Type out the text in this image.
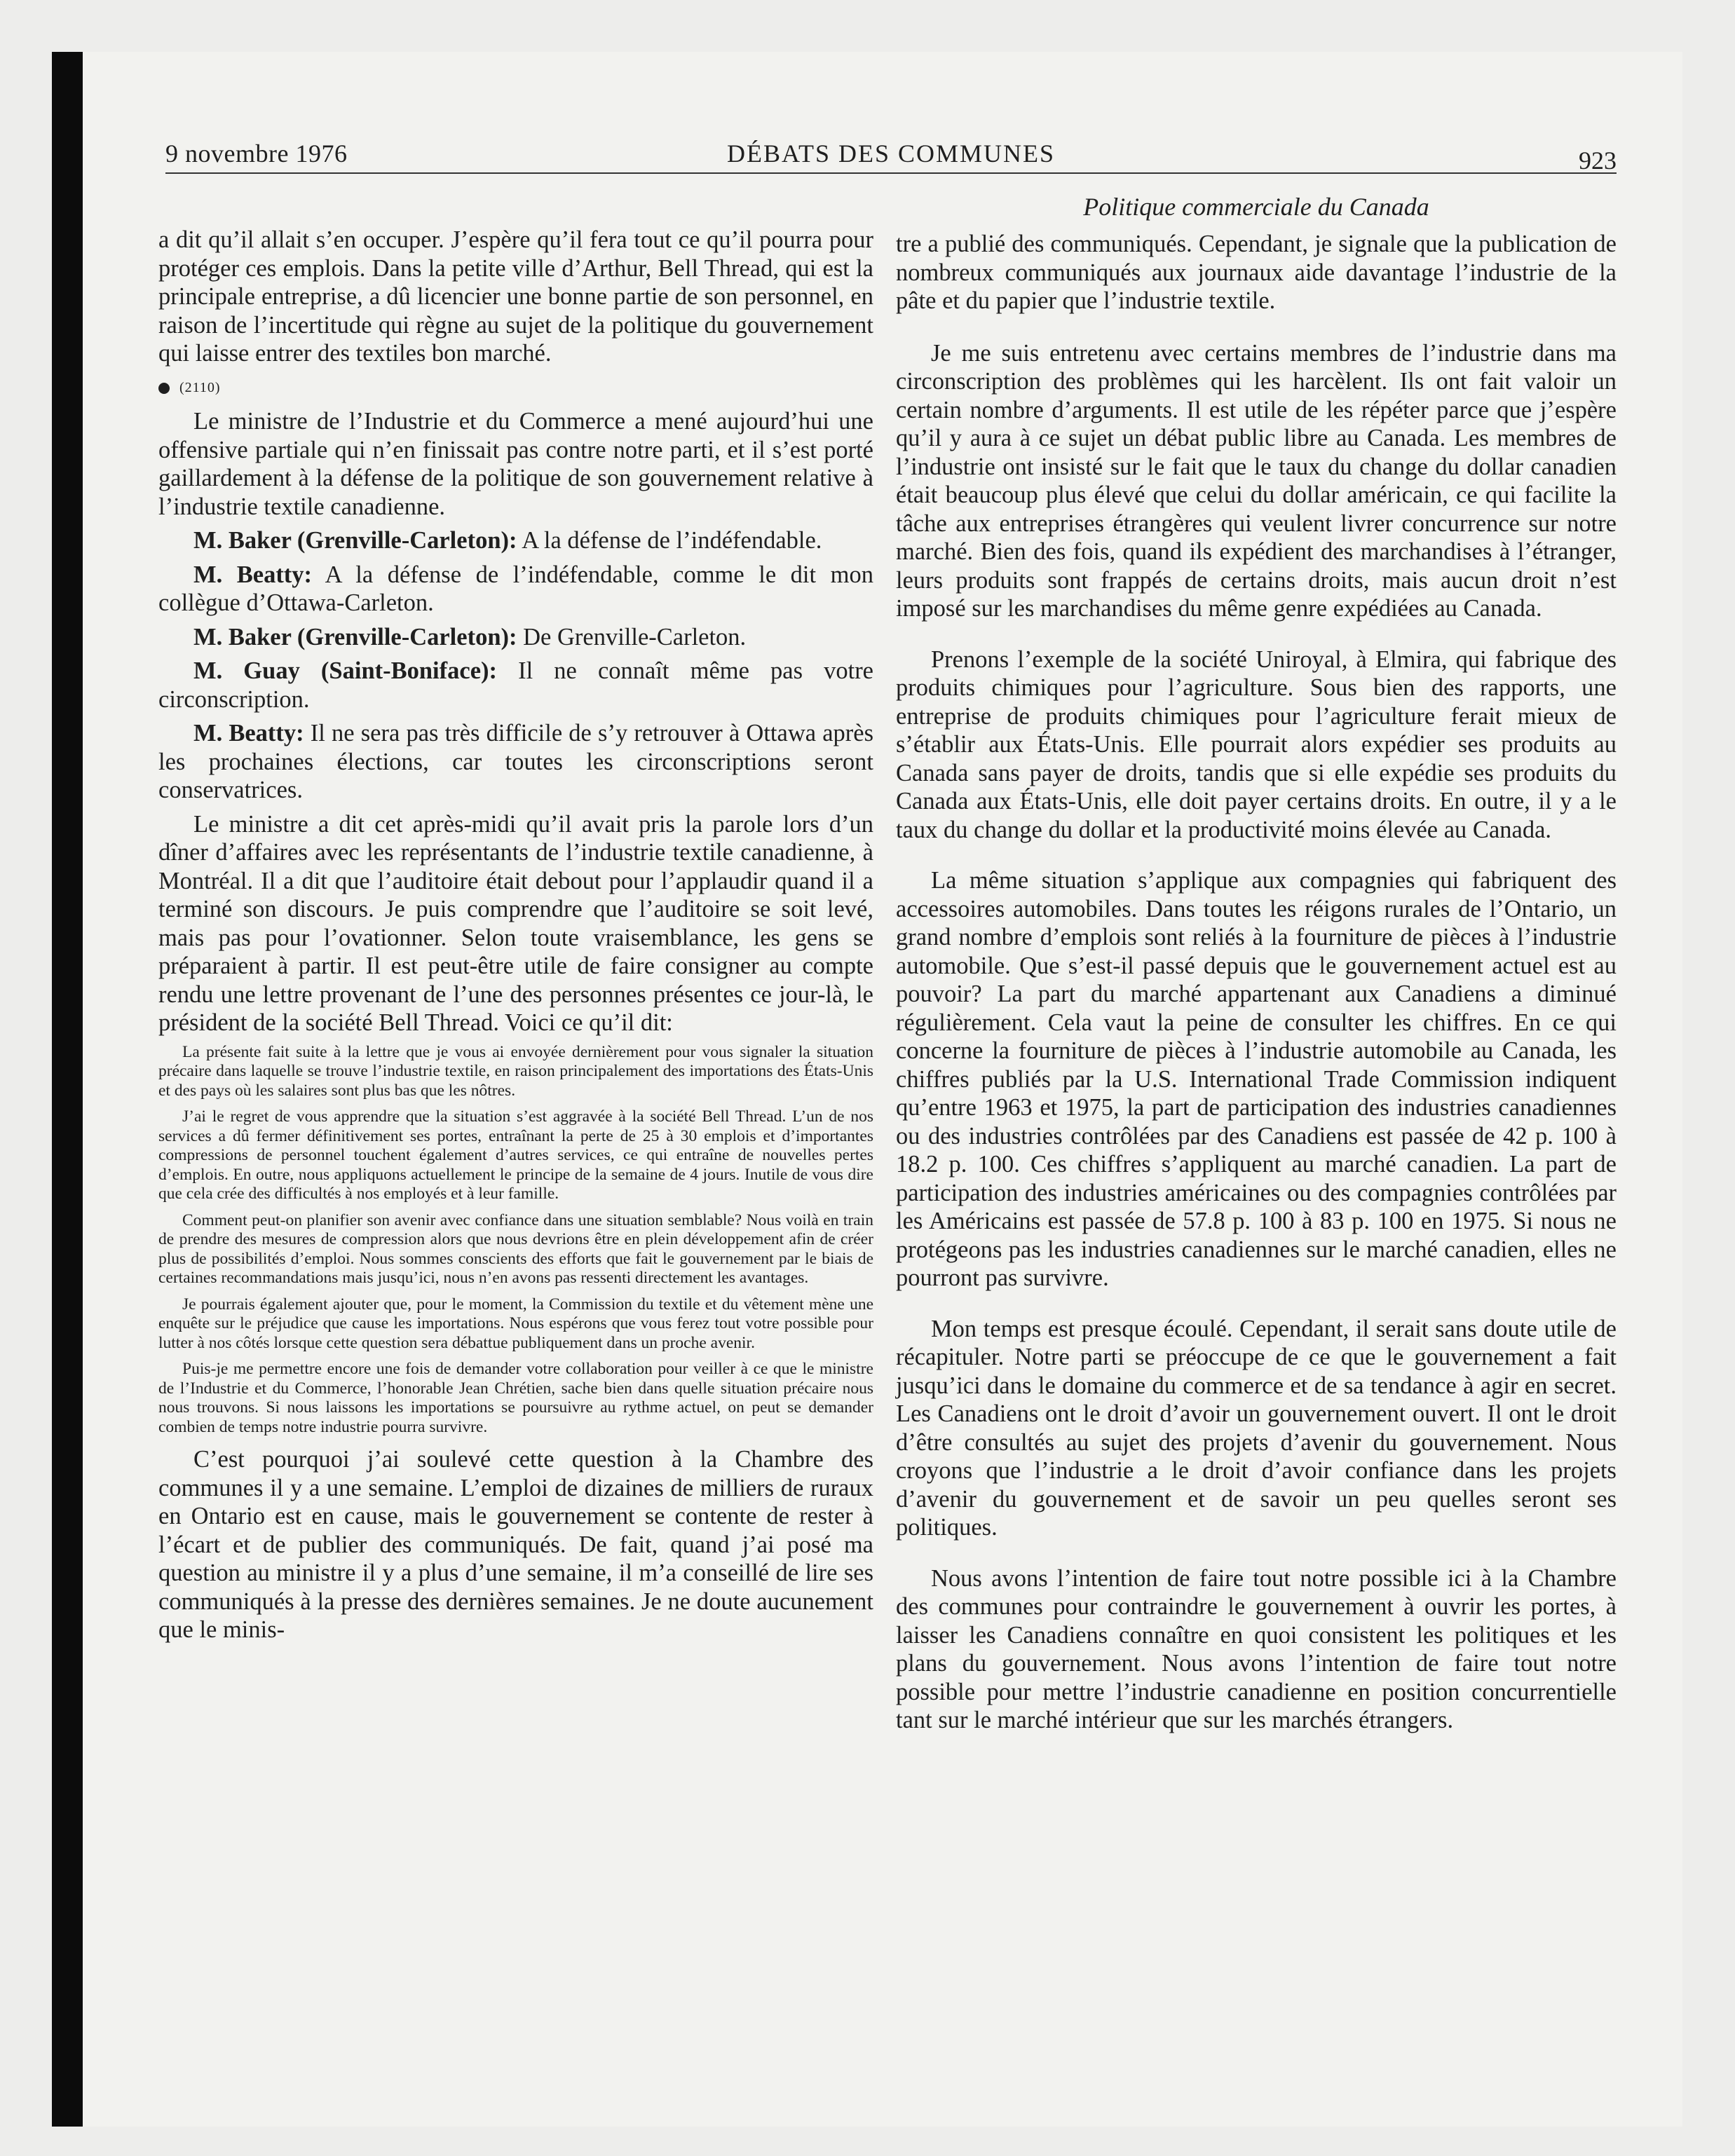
9 novembre 1976	DÉBATS DES COMMUNES	923
Politique commerciale du Canada

a dit qu’il allait s’en occuper. J’espère qu’il fera tout ce qu’il pourra pour protéger ces emplois. Dans la petite ville d’Arthur, Bell Thread, qui est la principale entreprise, a dû licencier une bonne partie de son personnel, en raison de l’incertitude qui règne au sujet de la politique du gouvernement qui laisse entrer des textiles bon marché.

(2110)

Le ministre de l’Industrie et du Commerce a mené aujourd’hui une offensive partiale qui n’en finissait pas contre notre parti, et il s’est porté gaillardement à la défense de la politique de son gouvernement relative à l’industrie textile canadienne.

M. Baker (Grenville-Carleton): A la défense de l’indéfendable.

M. Beatty: A la défense de l’indéfendable, comme le dit mon collègue d’Ottawa-Carleton.

M. Baker (Grenville-Carleton): De Grenville-Carleton.

M. Guay (Saint-Boniface): Il ne connaît même pas votre circonscription.

M. Beatty: Il ne sera pas très difficile de s’y retrouver à Ottawa après les prochaines élections, car toutes les circonscriptions seront conservatrices.

Le ministre a dit cet après-midi qu’il avait pris la parole lors d’un dîner d’affaires avec les représentants de l’industrie textile canadienne, à Montréal. Il a dit que l’auditoire était debout pour l’applaudir quand il a terminé son discours. Je puis comprendre que l’auditoire se soit levé, mais pas pour l’ovationner. Selon toute vraisemblance, les gens se préparaient à partir. Il est peut-être utile de faire consigner au compte rendu une lettre provenant de l’une des personnes présentes ce jour-là, le président de la société Bell Thread. Voici ce qu’il dit:

La présente fait suite à la lettre que je vous ai envoyée dernièrement pour vous signaler la situation précaire dans laquelle se trouve l’industrie textile, en raison principalement des importations des États-Unis et des pays où les salaires sont plus bas que les nôtres.

J’ai le regret de vous apprendre que la situation s’est aggravée à la société Bell Thread. L’un de nos services a dû fermer définitivement ses portes, entraînant la perte de 25 à 30 emplois et d’importantes compressions de personnel touchent également d’autres services, ce qui entraîne de nouvelles pertes d’emplois. En outre, nous appliquons actuellement le principe de la semaine de 4 jours. Inutile de vous dire que cela crée des difficultés à nos employés et à leur famille.

Comment peut-on planifier son avenir avec confiance dans une situation semblable? Nous voilà en train de prendre des mesures de compression alors que nous devrions être en plein développement afin de créer plus de possibilités d’emploi. Nous sommes conscients des efforts que fait le gouvernement par le biais de certaines recommandations mais jusqu’ici, nous n’en avons pas ressenti directement les avantages.

Je pourrais également ajouter que, pour le moment, la Commission du textile et du vêtement mène une enquête sur le préjudice que cause les importations. Nous espérons que vous ferez tout votre possible pour lutter à nos côtés lorsque cette question sera débattue publiquement dans un proche avenir.

Puis-je me permettre encore une fois de demander votre collaboration pour veiller à ce que le ministre de l’Industrie et du Commerce, l’honorable Jean Chrétien, sache bien dans quelle situation précaire nous nous trouvons. Si nous laissons les importations se poursuivre au rythme actuel, on peut se demander combien de temps notre industrie pourra survivre.

C’est pourquoi j’ai soulevé cette question à la Chambre des communes il y a une semaine. L’emploi de dizaines de milliers de ruraux en Ontario est en cause, mais le gouvernement se contente de rester à l’écart et de publier des communiqués. De fait, quand j’ai posé ma question au ministre il y a plus d’une semaine, il m’a conseillé de lire ses communiqués à la presse des dernières semaines. Je ne doute aucunement que le minis-

tre a publié des communiqués. Cependant, je signale que la publication de nombreux communiqués aux journaux aide davantage l’industrie de la pâte et du papier que l’industrie textile.

Je me suis entretenu avec certains membres de l’industrie dans ma circonscription des problèmes qui les harcèlent. Ils ont fait valoir un certain nombre d’arguments. Il est utile de les répéter parce que j’espère qu’il y aura à ce sujet un débat public libre au Canada. Les membres de l’industrie ont insisté sur le fait que le taux du change du dollar canadien était beaucoup plus élevé que celui du dollar américain, ce qui facilite la tâche aux entreprises étrangères qui veulent livrer concurrence sur notre marché. Bien des fois, quand ils expédient des marchandises à l’étranger, leurs produits sont frappés de certains droits, mais aucun droit n’est imposé sur les marchandises du même genre expédiées au Canada.

Prenons l’exemple de la société Uniroyal, à Elmira, qui fabrique des produits chimiques pour l’agriculture. Sous bien des rapports, une entreprise de produits chimiques pour l’agriculture ferait mieux de s’établir aux États-Unis. Elle pourrait alors expédier ses produits au Canada sans payer de droits, tandis que si elle expédie ses produits du Canada aux États-Unis, elle doit payer certains droits. En outre, il y a le taux du change du dollar et la productivité moins élevée au Canada.

La même situation s’applique aux compagnies qui fabriquent des accessoires automobiles. Dans toutes les réigons rurales de l’Ontario, un grand nombre d’emplois sont reliés à la fourniture de pièces à l’industrie automobile. Que s’est-il passé depuis que le gouvernement actuel est au pouvoir? La part du marché appartenant aux Canadiens a diminué régulièrement. Cela vaut la peine de consulter les chiffres. En ce qui concerne la fourniture de pièces à l’industrie automobile au Canada, les chiffres publiés par la U.S. International Trade Commission indiquent qu’entre 1963 et 1975, la part de participation des industries canadiennes ou des industries contrôlées par des Canadiens est passée de 42 p. 100 à 18.2 p. 100. Ces chiffres s’appliquent au marché canadien. La part de participation des industries américaines ou des compagnies contrôlées par les Américains est passée de 57.8 p. 100 à 83 p. 100 en 1975. Si nous ne protégeons pas les industries canadiennes sur le marché canadien, elles ne pourront pas survivre.

Mon temps est presque écoulé. Cependant, il serait sans doute utile de récapituler. Notre parti se préoccupe de ce que le gouvernement a fait jusqu’ici dans le domaine du commerce et de sa tendance à agir en secret. Les Canadiens ont le droit d’avoir un gouvernement ouvert. Il ont le droit d’être consultés au sujet des projets d’avenir du gouvernement. Nous croyons que l’industrie a le droit d’avoir confiance dans les projets d’avenir du gouvernement et de savoir un peu quelles seront ses politiques.

Nous avons l’intention de faire tout notre possible ici à la Chambre des communes pour contraindre le gouvernement à ouvrir les portes, à laisser les Canadiens connaître en quoi consistent les politiques et les plans du gouvernement. Nous avons l’intention de faire tout notre possible pour mettre l’industrie canadienne en position concurrentielle tant sur le marché intérieur que sur les marchés étrangers.
